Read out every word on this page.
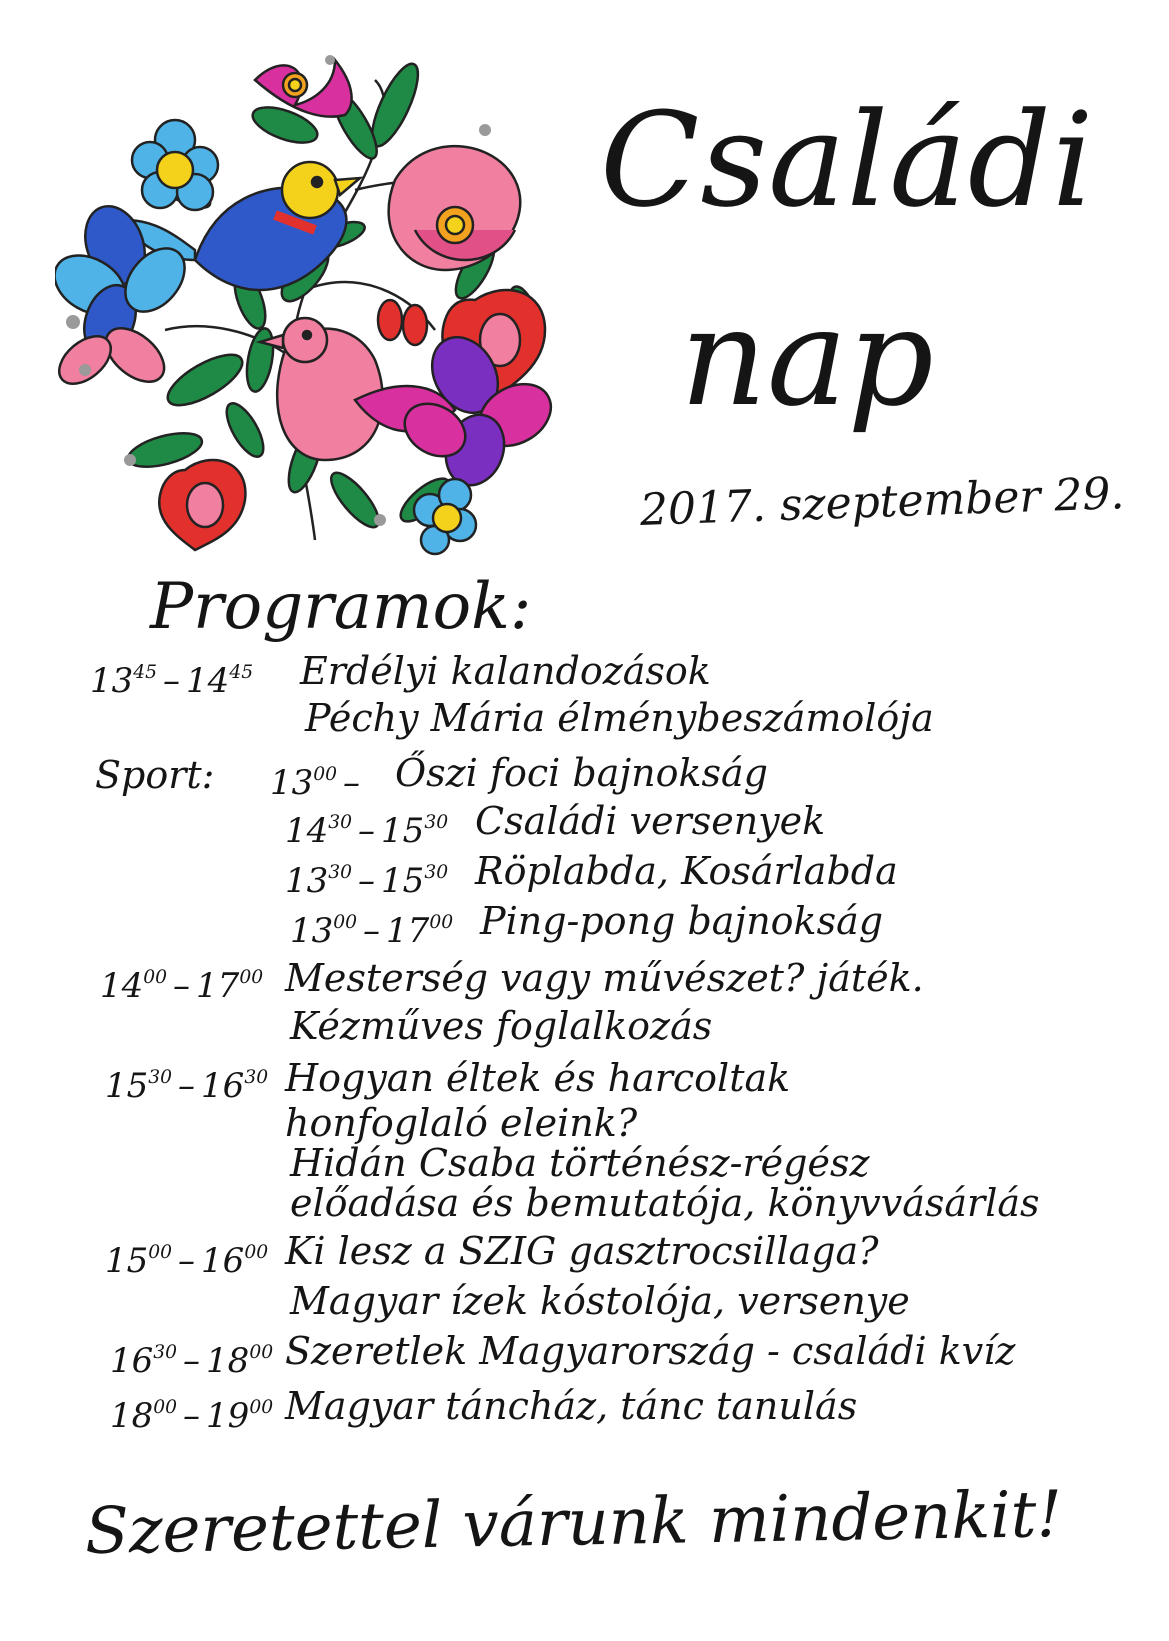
Családi
nap
2017. szeptember 29.
Programok:
$13^{45} - 14^{45}$ Erdélyi kalandozások
Péchy Mária élménybeszámolója
Sport: $13^{00}$ – Őszi foci bajnokság
$14^{30} - 15^{30}$ Családi versenyek
$13^{30} - 15^{30}$ Röplabda, Kosárlabda
$13^{00} - 17^{00}$ Ping-pong bajnokság
$14^{00} - 17^{00}$ Mesterség vagy művészet? játék.
Kézműves foglalkozás
$15^{30} - 16^{30}$ Hogyan éltek és harcoltak
honfoglaló eleink?
Hidán Csaba történész-régész
előadása és bemutatója, könyvvásárlás
$15^{00} - 16^{00}$ Ki lesz a SZIG gasztrocsillaga?
Magyar ízek kóstolója, versenye
$16^{30} - 18^{00}$ Szeretlek Magyarország - családi kvíz
$18^{00} - 19^{00}$ Magyar táncház, tánc tanulás
Szeretettel várunk mindenkit!
